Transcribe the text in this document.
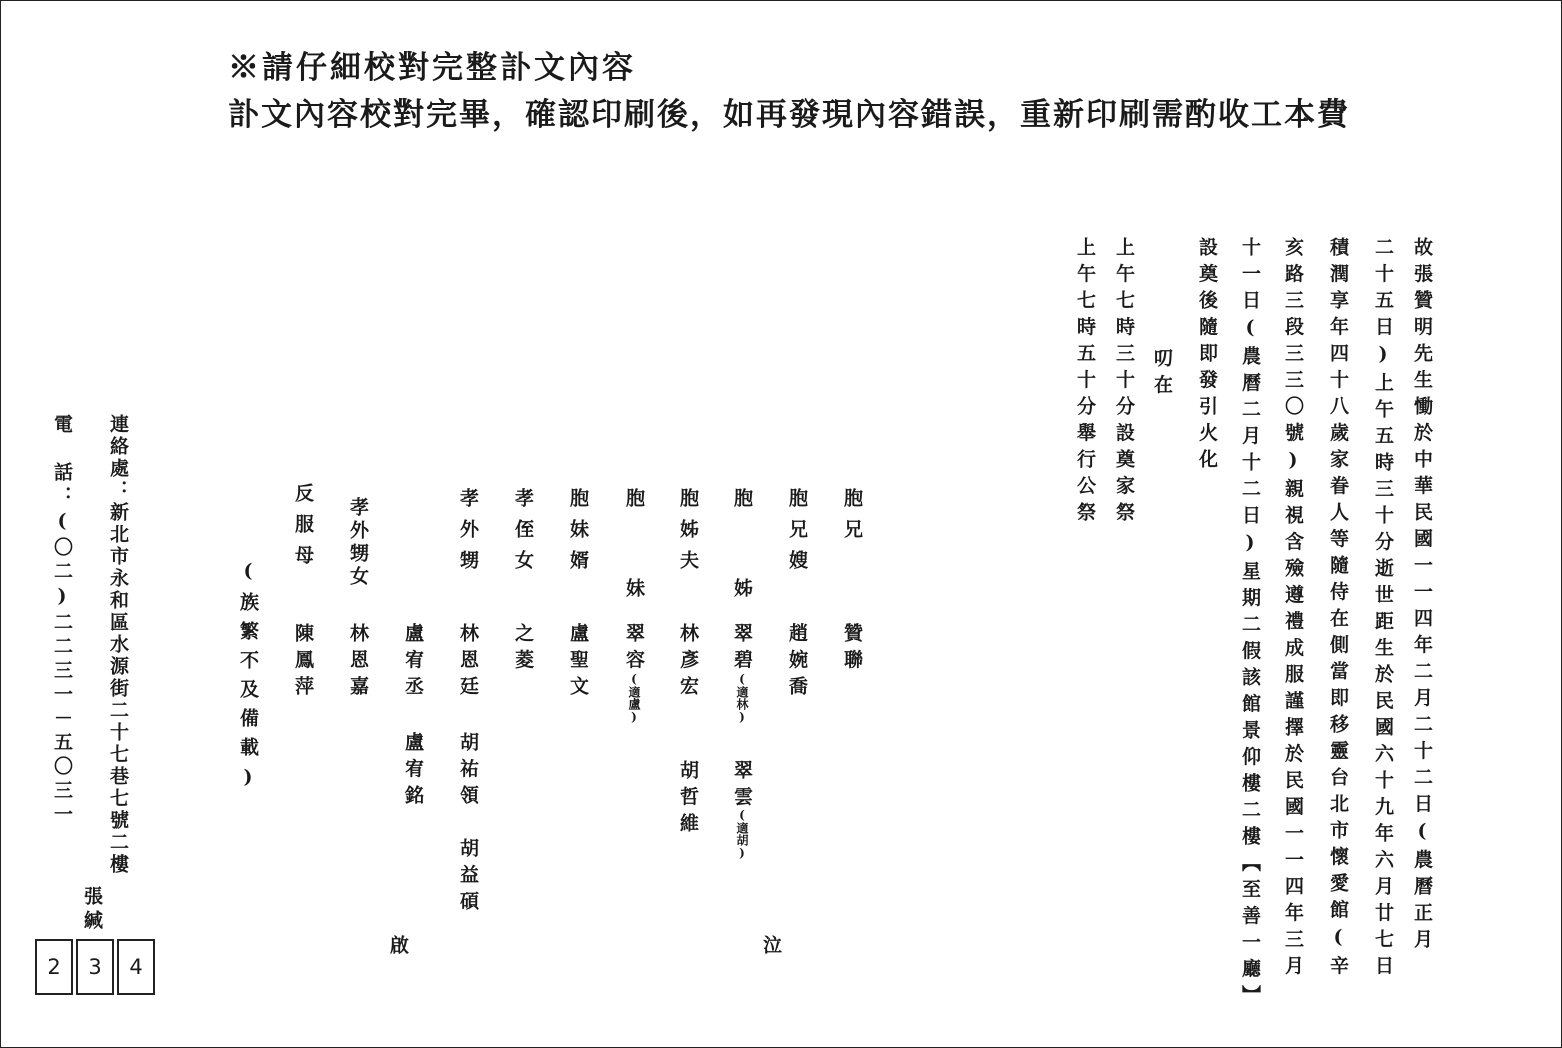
※請仔細校對完整訃文內容
訃文內容校對完畢，確認印刷後，如再發現內容錯誤，重新印刷需酌收工本費
故張贊明先生慟於中華民國一一四年二月二十二日(農曆正月
二十五日)上午五時三十分逝世距生於民國六十九年六月廿七日
積潤享年四十八歲家眷人等隨侍在側當即移靈台北市懷愛館(辛
亥路三段三三〇號)親視含殮遵禮成服謹擇於民國一一四年三月
十一日(農曆二月十二日)星期二假該館景仰樓二樓【至善一廳】
設奠後隨即發引火化
叨在
上午七時三十分設奠家祭
上午七時五十分舉行公祭
胞兄
贊聯
胞兄嫂
趙婉喬
胞
姊
翠碧
(適林)
翠雲
(適胡)
胞姊夫
林彥宏
胡哲維
胞
妹
翠容
(適盧)
胞妹婿
盧聖文
孝侄女
之菱
孝外甥
林恩廷
胡祐領
胡益碩
盧宥丞
盧宥銘
孝外甥女
林恩嘉
反服母
陳鳳萍
(族繁不及備載)
泣
啟
連絡處：新北市永和區水源街二十七巷七號二樓
電　話：(〇二)二二三一－五〇三一
張緘
2	3	4
